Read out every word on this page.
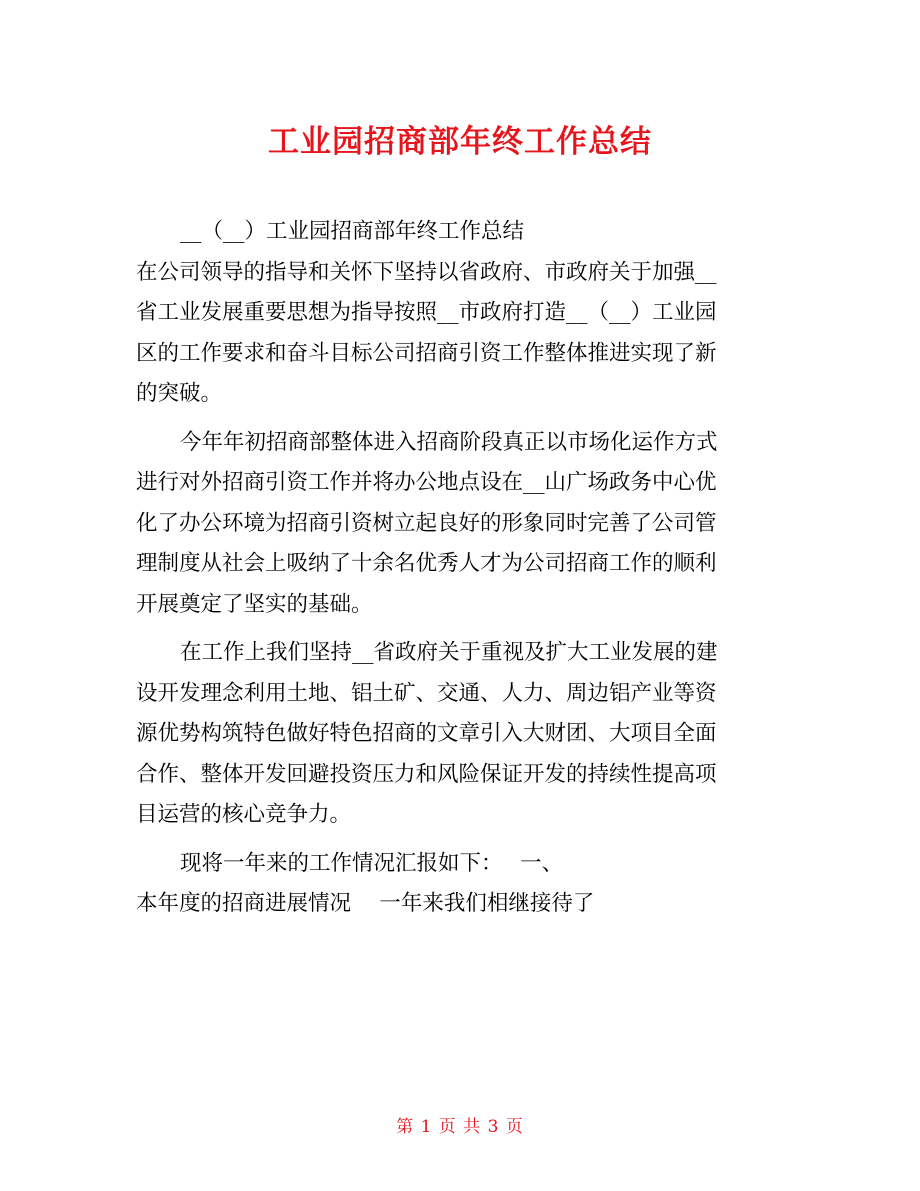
工业园招商部年终工作总结
__（__）工业园招商部年终工作总结
在公司领导的指导和关怀下坚持以省政府、市政府关于加强__
省工业发展重要思想为指导按照__市政府打造__（__）工业园
区的工作要求和奋斗目标公司招商引资工作整体推进实现了新
的突破。
今年年初招商部整体进入招商阶段真正以市场化运作方式
进行对外招商引资工作并将办公地点设在__山广场政务中心优
化了办公环境为招商引资树立起良好的形象同时完善了公司管
理制度从社会上吸纳了十余名优秀人才为公司招商工作的顺利
开展奠定了坚实的基础。
在工作上我们坚持__省政府关于重视及扩大工业发展的建
设开发理念利用土地、铝土矿、交通、人力、周边铝产业等资
源优势构筑特色做好特色招商的文章引入大财团、大项目全面
合作、整体开发回避投资压力和风险保证开发的持续性提高项
目运营的核心竞争力。
现将一年来的工作情况汇报如下：　 一、
本年度的招商进展情况　 一年来我们相继接待了
第 1 页 共 3 页
